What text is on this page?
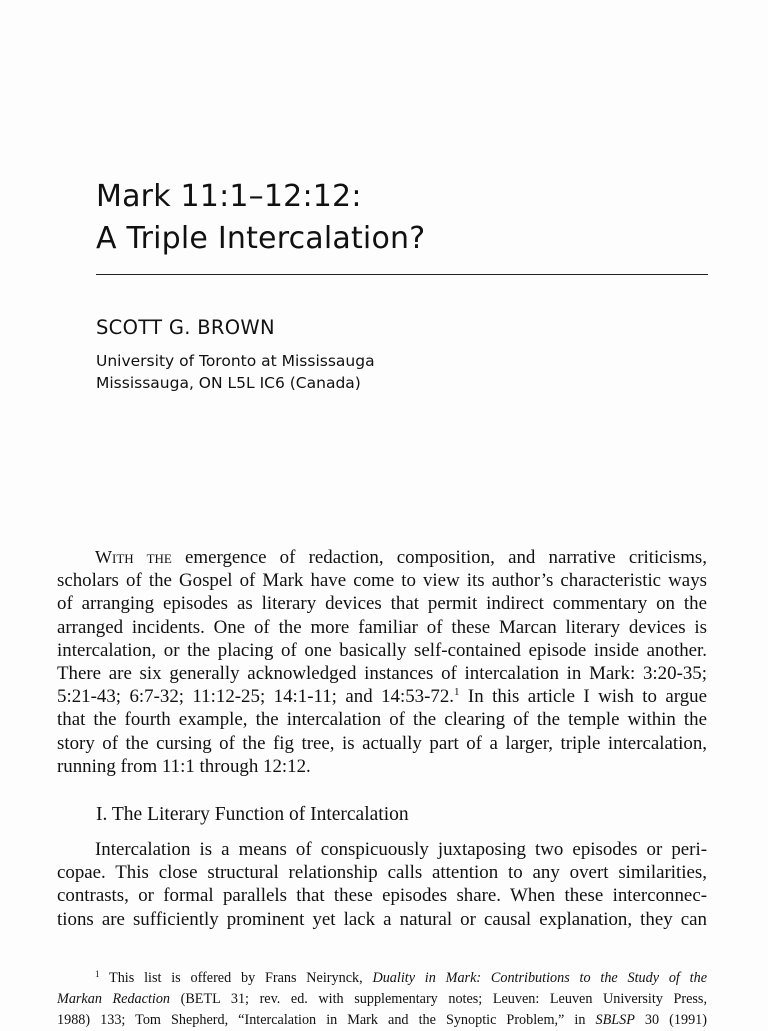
Mark 11:1–12:12:
A Triple Intercalation?
SCOTT G. BROWN
University of Toronto at Mississauga
Mississauga, ON L5L IC6 (Canada)
With the emergence of redaction, composition, and narrative criticisms,
scholars of the Gospel of Mark have come to view its author’s characteristic ways
of arranging episodes as literary devices that permit indirect commentary on the
arranged incidents. One of the more familiar of these Marcan literary devices is
intercalation, or the placing of one basically self-contained episode inside another.
There are six generally acknowledged instances of intercalation in Mark: 3:20-35;
5:21-43; 6:7-32; 11:12-25; 14:1-11; and 14:53-72.$^1$ In this article I wish to argue
that the fourth example, the intercalation of the clearing of the temple within the
story of the cursing of the fig tree, is actually part of a larger, triple intercalation,
running from 11:1 through 12:12.
I. The Literary Function of Intercalation
Intercalation is a means of conspicuously juxtaposing two episodes or peri-
copae. This close structural relationship calls attention to any overt similarities,
contrasts, or formal parallels that these episodes share. When these interconnec-
tions are sufficiently prominent yet lack a natural or causal explanation, they can
$^1$ This list is offered by Frans Neirynck, Duality in Mark: Contributions to the Study of the
Markan Redaction (BETL 31; rev. ed. with supplementary notes; Leuven: Leuven University Press,
1988) 133; Tom Shepherd, “Intercalation in Mark and the Synoptic Problem,” in SBLSP 30 (1991)
